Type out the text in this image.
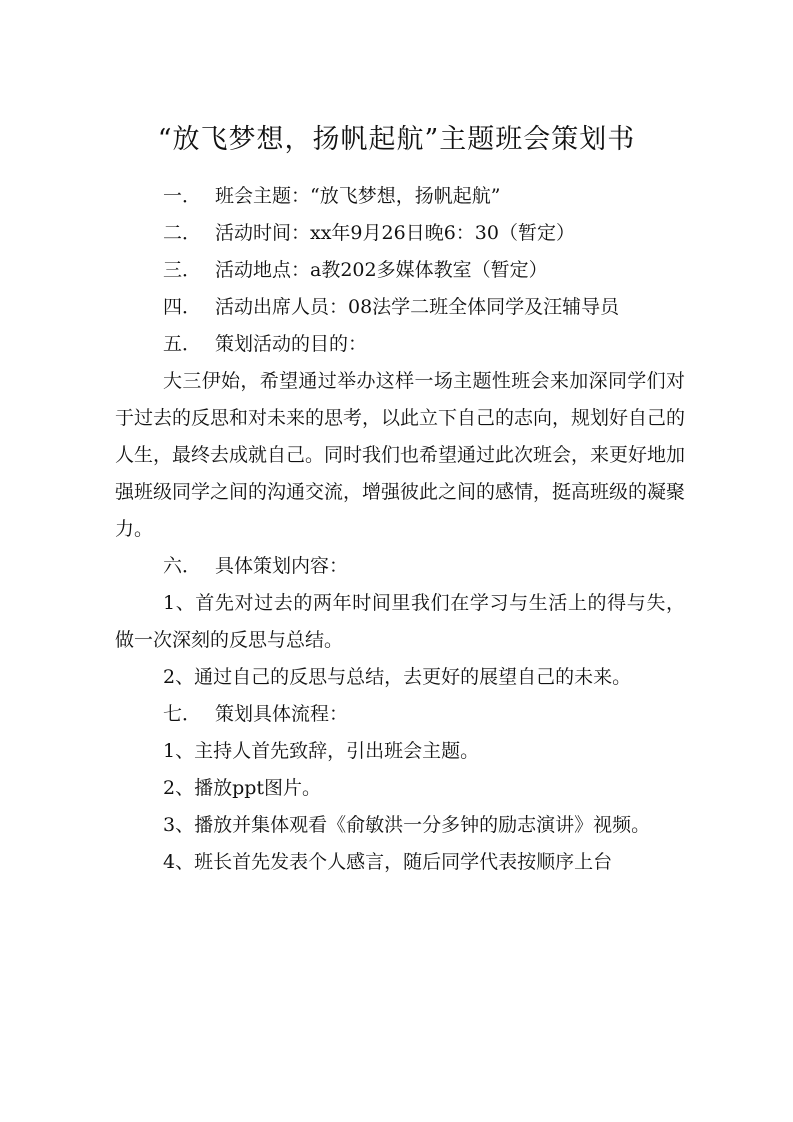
“放飞梦想，扬帆起航”主题班会策划书

一． 班会主题：“放飞梦想，扬帆起航”

二． 活动时间：xx年9月26日晚6：30（暂定）

三． 活动地点：a教202多媒体教室（暂定）

四． 活动出席人员：08法学二班全体同学及汪辅导员

五． 策划活动的目的：

大三伊始，希望通过举办这样一场主题性班会来加深同学们对于过去的反思和对未来的思考，以此立下自己的志向，规划好自己的人生，最终去成就自己。同时我们也希望通过此次班会，来更好地加强班级同学之间的沟通交流，增强彼此之间的感情，挺高班级的凝聚力。

六． 具体策划内容：

1、首先对过去的两年时间里我们在学习与生活上的得与失，做一次深刻的反思与总结。

2、通过自己的反思与总结，去更好的展望自己的未来。

七． 策划具体流程：

1、主持人首先致辞，引出班会主题。

2、播放ppt图片。

3、播放并集体观看《俞敏洪一分多钟的励志演讲》视频。

4、班长首先发表个人感言，随后同学代表按顺序上台
